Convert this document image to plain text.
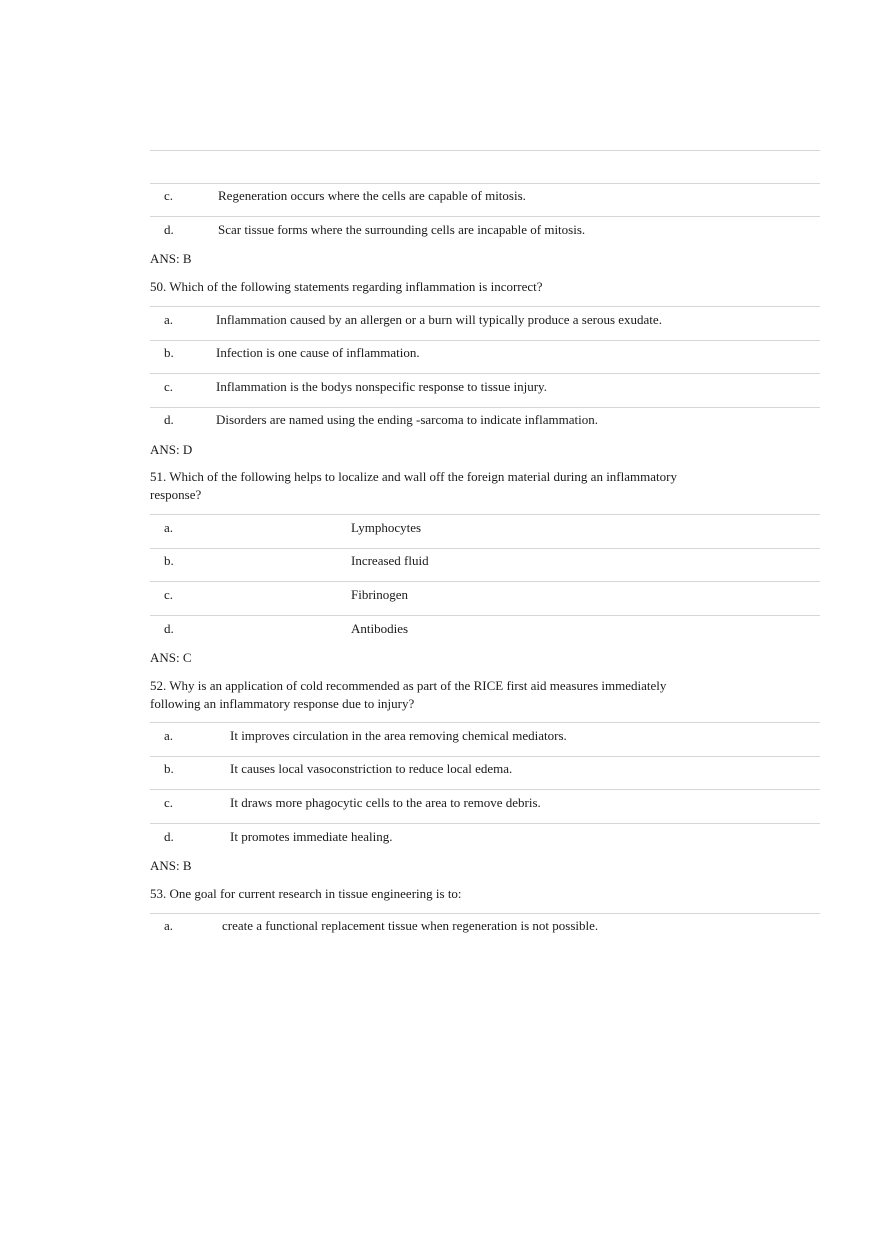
c.	Regeneration occurs where the cells are capable of mitosis.
d.	Scar tissue forms where the surrounding cells are incapable of mitosis.
ANS: B
50. Which of the following statements regarding inflammation is incorrect?
a.	Inflammation caused by an allergen or a burn will typically produce a serous exudate.
b.	Infection is one cause of inflammation.
c.	Inflammation is the bodys nonspecific response to tissue injury.
d.	Disorders are named using the ending -sarcoma to indicate inflammation.
ANS: D
51. Which of the following helps to localize and wall off the foreign material during an inflammatory response?
a.	Lymphocytes
b.	Increased fluid
c.	Fibrinogen
d.	Antibodies
ANS: C
52. Why is an application of cold recommended as part of the RICE first aid measures immediately following an inflammatory response due to injury?
a.	It improves circulation in the area removing chemical mediators.
b.	It causes local vasoconstriction to reduce local edema.
c.	It draws more phagocytic cells to the area to remove debris.
d.	It promotes immediate healing.
ANS: B
53. One goal for current research in tissue engineering is to:
a.	create a functional replacement tissue when regeneration is not possible.
